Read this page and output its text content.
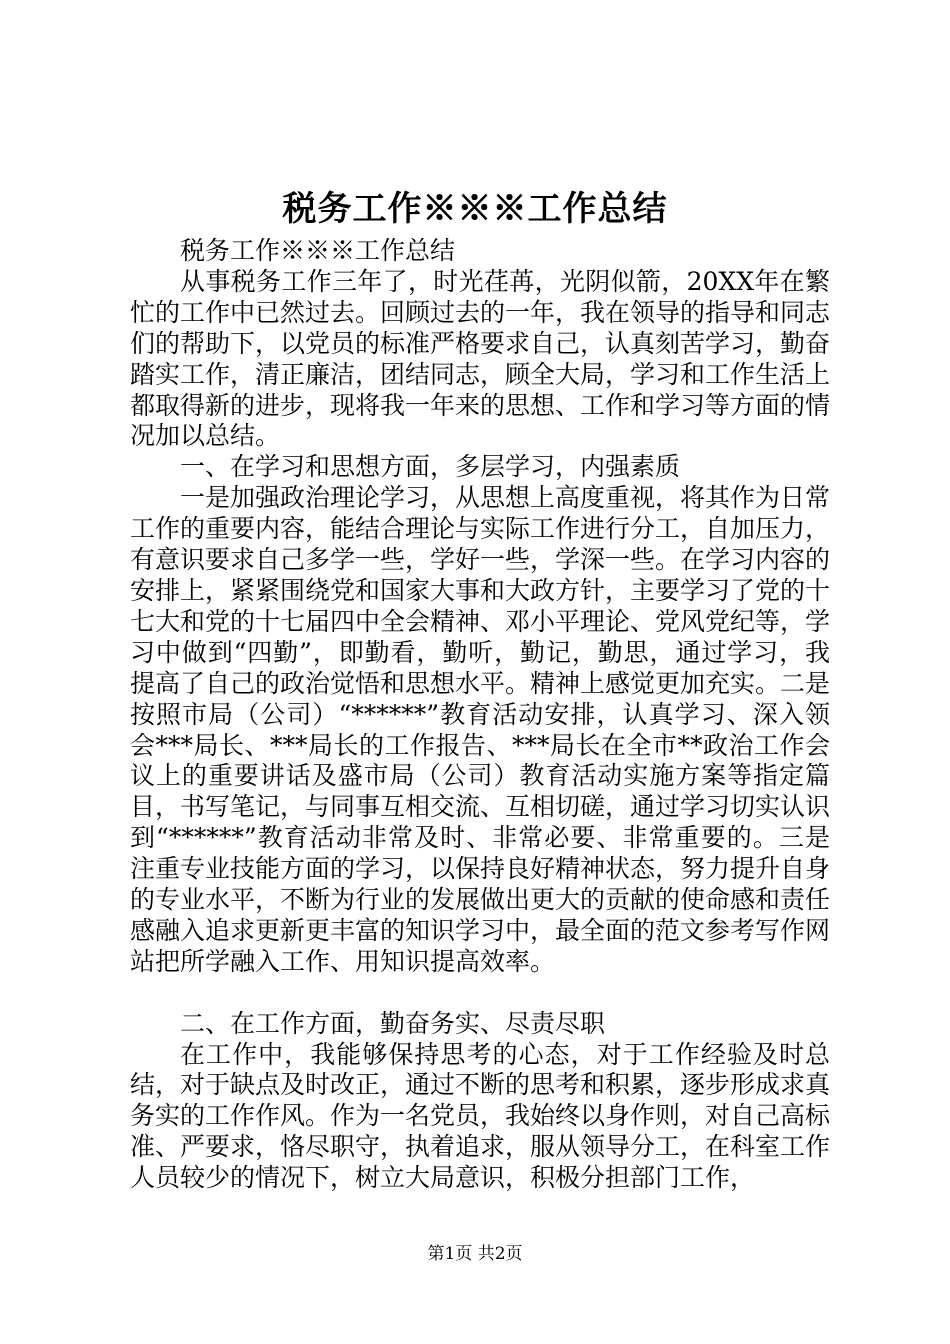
税务工作※※※工作总结

税务工作※※※工作总结

从事税务工作三年了，时光荏苒，光阴似箭，20XX年在繁忙的工作中已然过去。回顾过去的一年，我在领导的指导和同志们的帮助下，以党员的标准严格要求自己，认真刻苦学习，勤奋踏实工作，清正廉洁，团结同志，顾全大局，学习和工作生活上都取得新的进步，现将我一年来的思想、工作和学习等方面的情况加以总结。

一、在学习和思想方面，多层学习，内强素质

一是加强政治理论学习，从思想上高度重视，将其作为日常工作的重要内容，能结合理论与实际工作进行分工，自加压力，有意识要求自己多学一些，学好一些，学深一些。在学习内容的安排上，紧紧围绕党和国家大事和大政方针，主要学习了党的十七大和党的十七届四中全会精神、邓小平理论、党风党纪等，学习中做到“四勤”，即勤看，勤听，勤记，勤思，通过学习，我提高了自己的政治觉悟和思想水平。精神上感觉更加充实。二是按照市局（公司）“******”教育活动安排，认真学习、深入领会***局长、***局长的工作报告、***局长在全市**政治工作会议上的重要讲话及盛市局（公司）教育活动实施方案等指定篇目，书写笔记，与同事互相交流、互相切磋，通过学习切实认识到“******”教育活动非常及时、非常必要、非常重要的。三是注重专业技能方面的学习，以保持良好精神状态，努力提升自身的专业水平，不断为行业的发展做出更大的贡献的使命感和责任感融入追求更新更丰富的知识学习中，最全面的范文参考写作网站把所学融入工作、用知识提高效率。

二、在工作方面，勤奋务实、尽责尽职

在工作中，我能够保持思考的心态，对于工作经验及时总结，对于缺点及时改正，通过不断的思考和积累，逐步形成求真务实的工作作风。作为一名党员，我始终以身作则，对自己高标准、严要求，恪尽职守，执着追求，服从领导分工，在科室工作人员较少的情况下，树立大局意识，积极分担部门工作，

第1页 共2页
